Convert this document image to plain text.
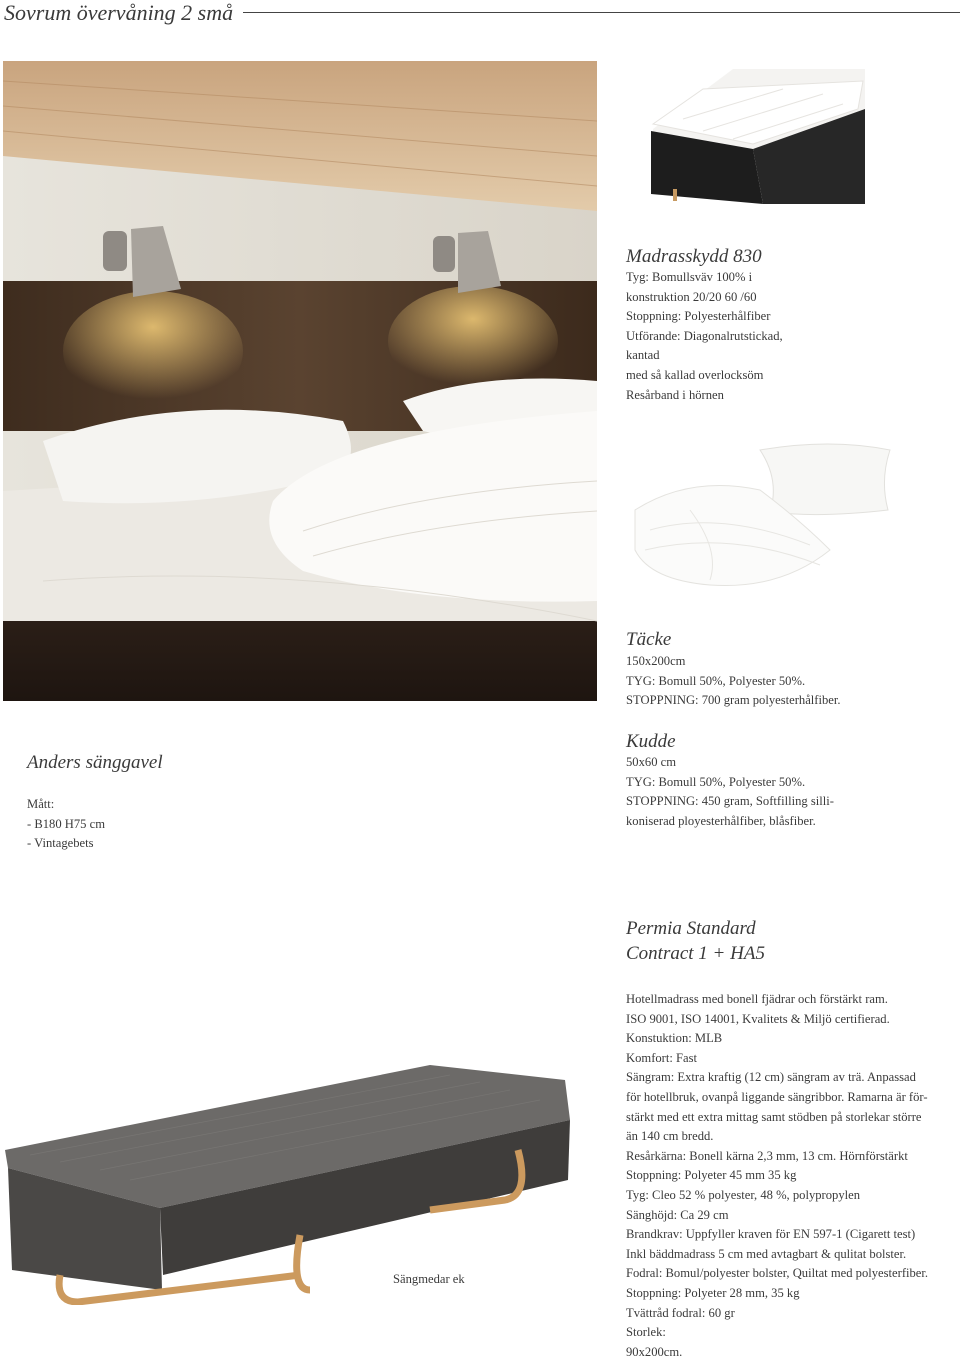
Sovrum övervåning 2 små
Madrasskydd 830
Tyg: Bomullsväv 100% i
konstruktion 20/20 60 /60
Stoppning: Polyesterhålfiber
Utförande: Diagonalrutstickad,
kantad
med så kallad overlocksöm
Resårband i hörnen
Täcke
150x200cm
TYG: Bomull 50%, Polyester 50%.
STOPPNING: 700 gram polyesterhålfiber.
Kudde
50x60 cm
TYG: Bomull 50%, Polyester 50%.
STOPPNING: 450 gram, Softfilling silli-
koniserad ployesterhålfiber, blåsfiber.
Anders sänggavel
Mått:
- B180 H75 cm
- Vintagebets
Permia Standard
Contract 1 + HA5
Hotellmadrass med bonell fjädrar och förstärkt ram.
ISO 9001, ISO 14001, Kvalitets & Miljö certifierad.
Konstuktion: MLB
Komfort: Fast
Sängram: Extra kraftig (12 cm) sängram av trä. Anpassad
för hotellbruk, ovanpå liggande sängribbor. Ramarna är för-
stärkt med ett extra mittag samt stödben på storlekar större
än 140 cm bredd.
Resårkärna: Bonell kärna 2,3 mm, 13 cm. Hörnförstärkt
Stoppning: Polyeter 45 mm 35 kg
Tyg: Cleo 52 % polyester, 48 %, polypropylen
Sänghöjd: Ca 29 cm
Brandkrav: Uppfyller kraven för EN 597-1 (Cigarett test)
Inkl bäddmadrass 5 cm med avtagbart & qulitat bolster.
Fodral: Bomul/polyester bolster, Quiltat med polyesterfiber.
Stoppning: Polyeter 28 mm, 35 kg
Tvättråd fodral: 60 gr
Storlek:
90x200cm.
Sängmedar ek
